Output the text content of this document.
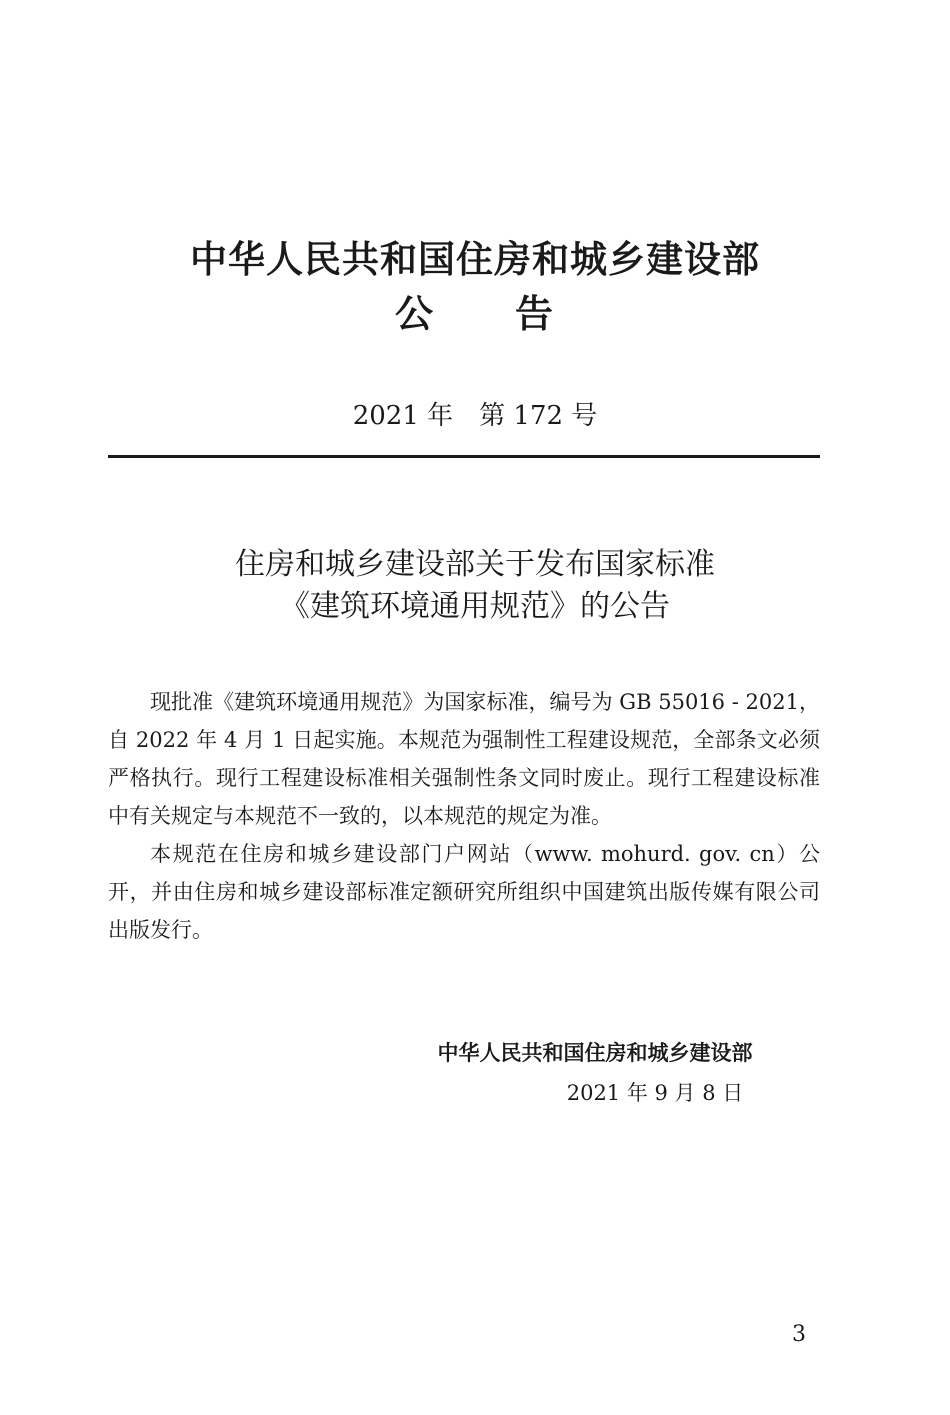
中华人民共和国住房和城乡建设部
公　　告
2021 年　第 172 号
住房和城乡建设部关于发布国家标准
《建筑环境通用规范》的公告

现批准《建筑环境通用规范》为国家标准，编号为 GB 55016 - 2021，自 2022 年 4 月 1 日起实施。本规范为强制性工程建设规范，全部条文必须严格执行。现行工程建设标准相关强制性条文同时废止。现行工程建设标准中有关规定与本规范不一致的，以本规范的规定为准。

本规范在住房和城乡建设部门户网站（www. mohurd. gov. cn）公开，并由住房和城乡建设部标准定额研究所组织中国建筑出版传媒有限公司出版发行。

中华人民共和国住房和城乡建设部
2021 年 9 月 8 日
3
